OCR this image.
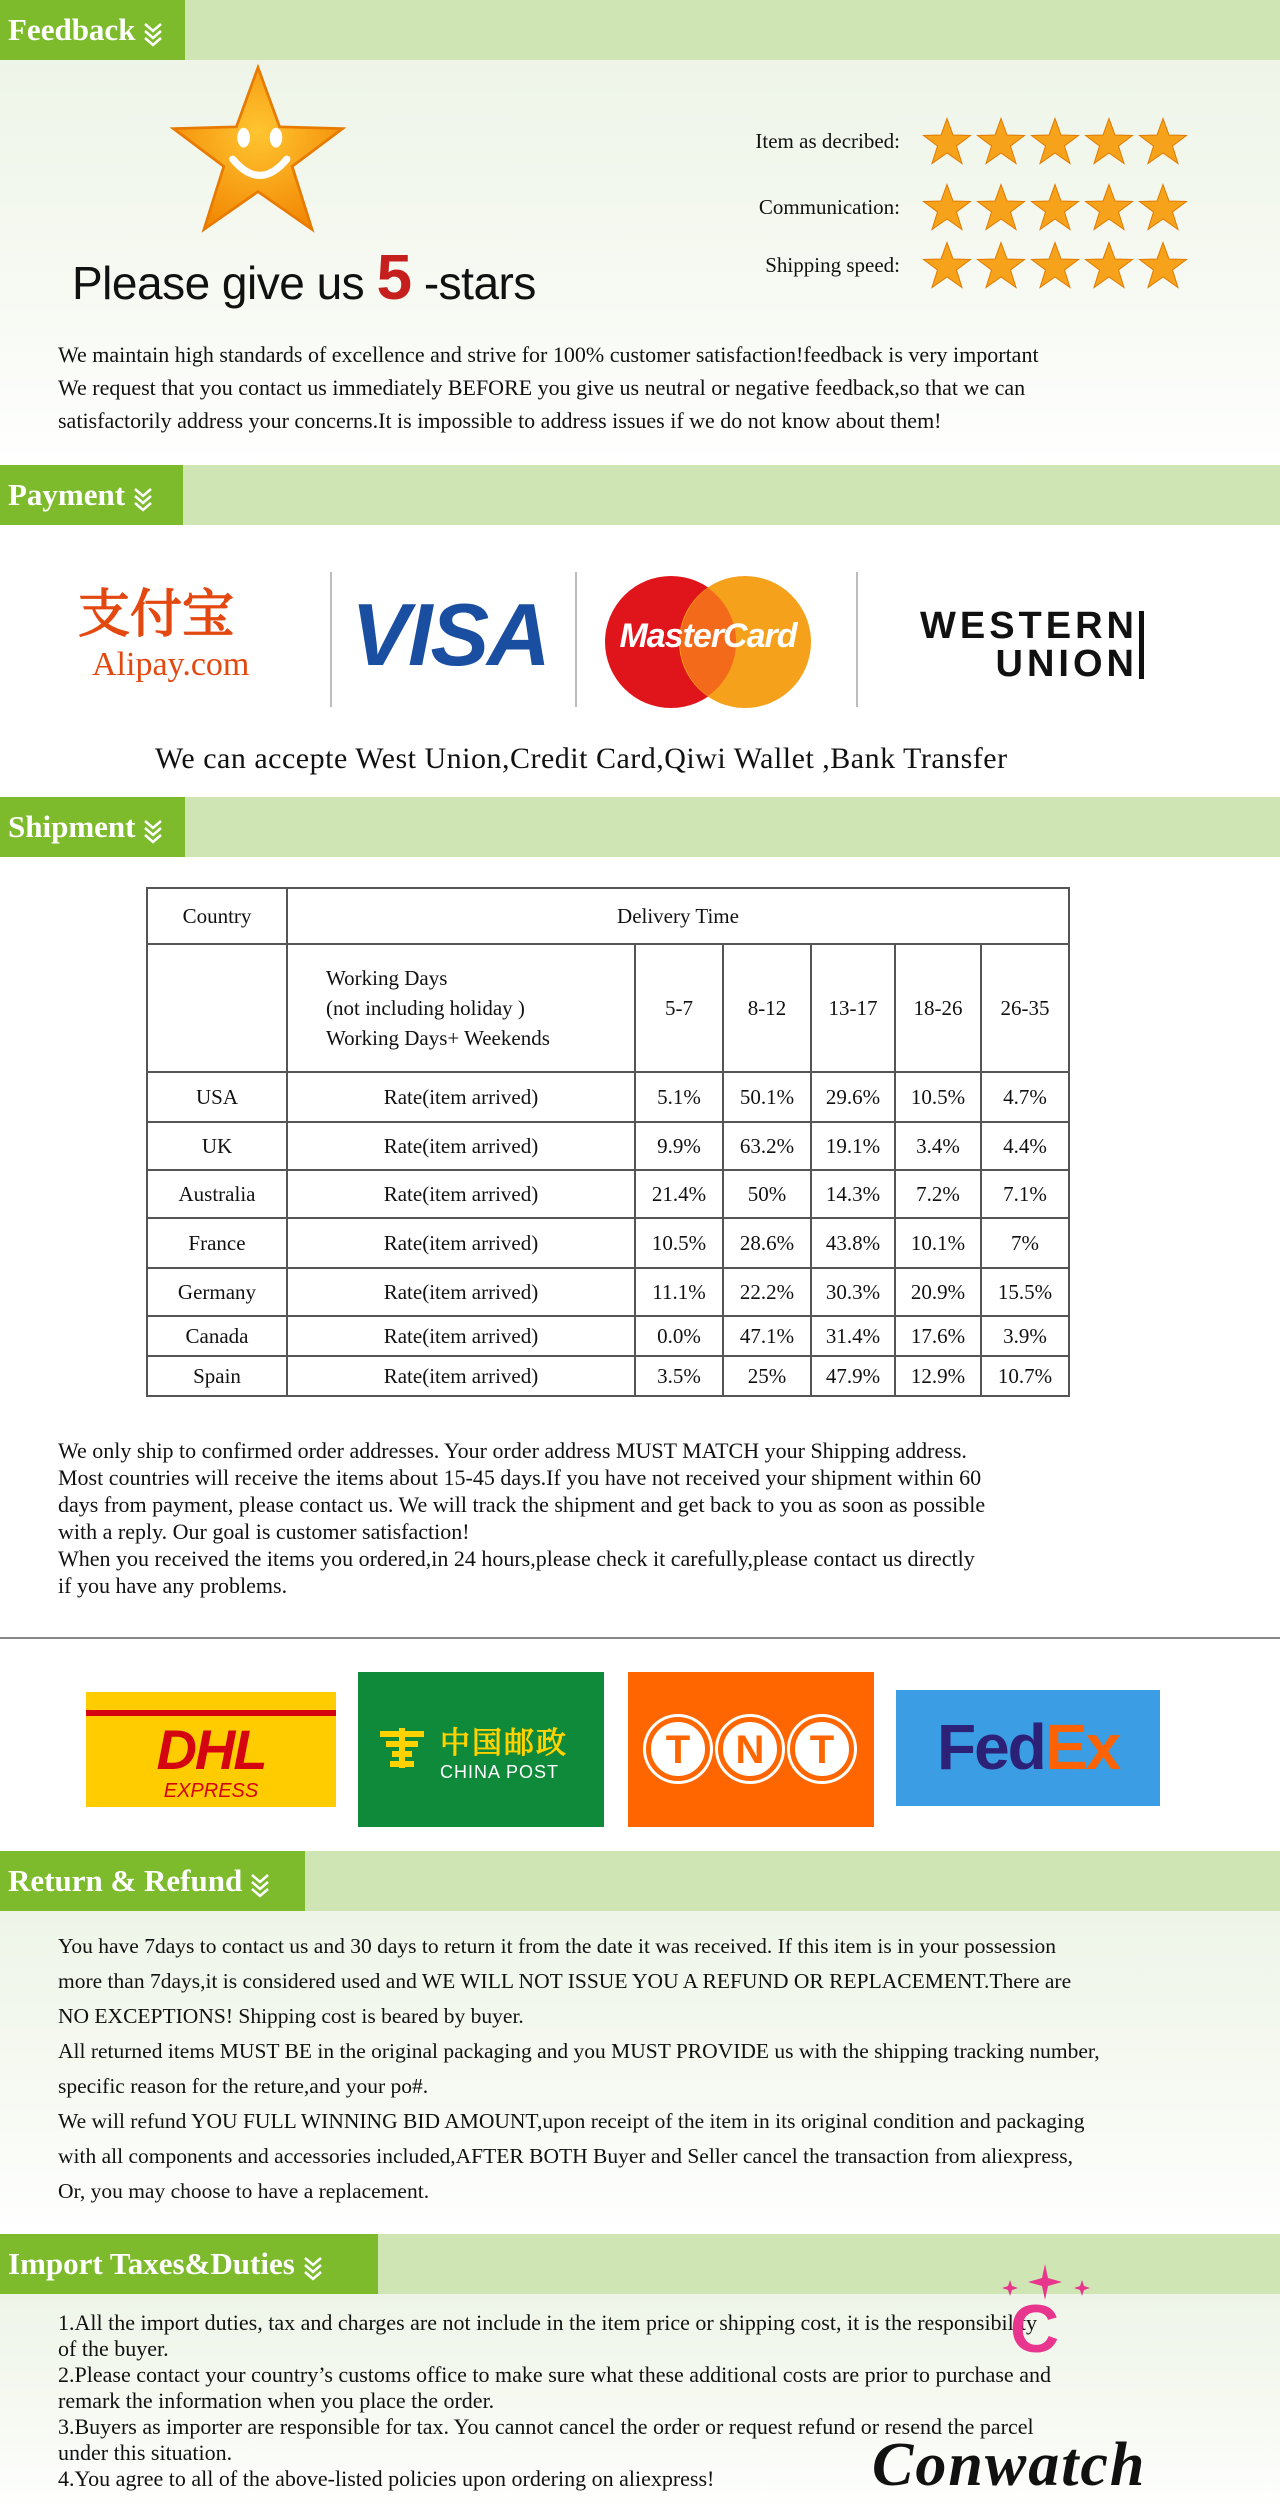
Feedback
Please give us 5 -stars
Item as decribed:
Communication:
Shipping speed:
We maintain high standards of excellence and strive for 100% customer satisfaction!feedback is very important
We request that you contact us immediately BEFORE you give us neutral or negative feedback,so that we can
satisfactorily address your concerns.It is impossible to address issues if we do not know about them!
Payment
支付宝
Alipay.com	VISA	MasterCard	WESTERN
UNION
We can accepte West Union,Credit Card,Qiwi Wallet ,Bank Transfer
Shipment
Country	Delivery Time					

	Working Days
(not including holiday )
Working Days+ Weekends	5-7	8-12	13-17	18-26	26-35
USA	Rate(item arrived)	5.1%	50.1%	29.6%	10.5%	4.7%
UK	Rate(item arrived)	9.9%	63.2%	19.1%	3.4%	4.4%
Australia	Rate(item arrived)	21.4%	50%	14.3%	7.2%	7.1%
France	Rate(item arrived)	10.5%	28.6%	43.8%	10.1%	7%
Germany	Rate(item arrived)	11.1%	22.2%	30.3%	20.9%	15.5%
Canada	Rate(item arrived)	0.0%	47.1%	31.4%	17.6%	3.9%
Spain	Rate(item arrived)	3.5%	25%	47.9%	12.9%	10.7%
We only ship to confirmed order addresses. Your order address MUST MATCH your Shipping address.
Most countries will receive the items about 15-45 days.If you have not received your shipment within 60
days from payment, please contact us. We will track the shipment and get back to you as soon as possible
with a reply. Our goal is customer satisfaction!
When you received the items you ordered,in 24 hours,please check it carefully,please contact us directly
if you have any problems.
DHL
EXPRESS
中国邮政
CHINA POST	T	N	T	FedEx
Return & Refund
You have 7days to contact us and 30 days to return it from the date it was received. If this item is in your possession
more than 7days,it is considered used and WE WILL NOT ISSUE YOU A REFUND OR REPLACEMENT.There are
NO EXCEPTIONS! Shipping cost is beared by buyer.
All returned items MUST BE in the original packaging and you MUST PROVIDE us with the shipping tracking number,
specific reason for the reture,and your po#.
We will refund YOU FULL WINNING BID AMOUNT,upon receipt of the item in its original condition and packaging
with all components and accessories included,AFTER BOTH Buyer and Seller cancel the transaction from aliexpress,
Or, you may choose to have a replacement.
Import Taxes&Duties
1.All the import duties, tax and charges are not include in the item price or shipping cost, it is the responsibility
of the buyer.
2.Please contact your country’s customs office to make sure what these additional costs are prior to purchase and
remark the information when you place the order.
3.Buyers as importer are responsible for tax. You cannot cancel the order or request refund or resend the parcel
under this situation.
4.You agree to all of the above-listed policies upon ordering on aliexpress!
C
Conwatch
